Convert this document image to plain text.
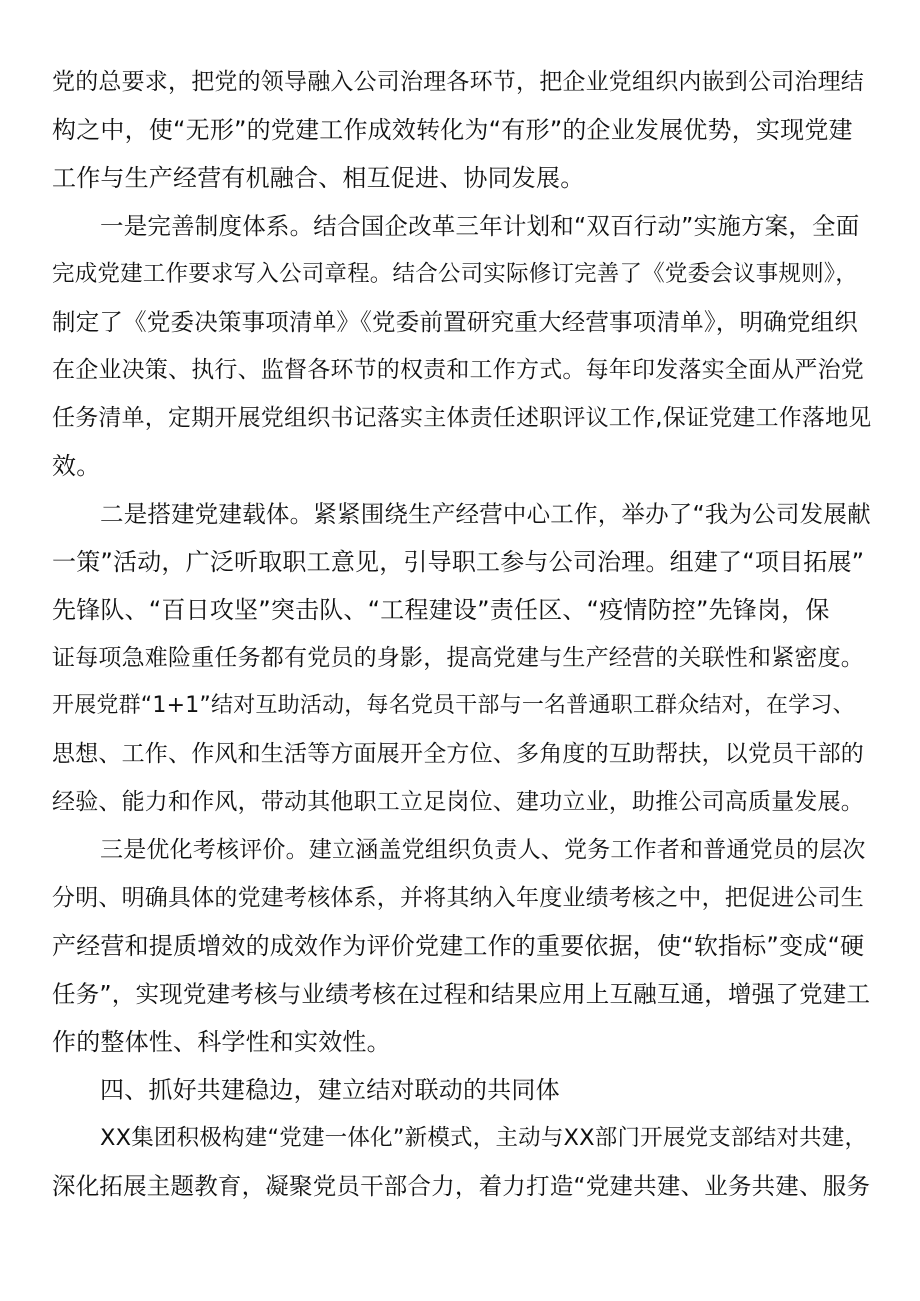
党的总要求，把党的领导融入公司治理各环节，把企业党组织内嵌到公司治理结
构之中，使“无形”的党建工作成效转化为“有形”的企业发展优势，实现党建
工作与生产经营有机融合、相互促进、协同发展。
一是完善制度体系。结合国企改革三年计划和“双百行动”实施方案，全面
完成党建工作要求写入公司章程。结合公司实际修订完善了《党委会议事规则》，
制定了《党委决策事项清单》《党委前置研究重大经营事项清单》，明确党组织
在企业决策、执行、监督各环节的权责和工作方式。每年印发落实全面从严治党
任务清单，定期开展党组织书记落实主体责任述职评议工作,保证党建工作落地见
效。
二是搭建党建载体。紧紧围绕生产经营中心工作，举办了“我为公司发展献
一策”活动，广泛听取职工意见，引导职工参与公司治理。组建了“项目拓展”
先锋队、“百日攻坚”突击队、“工程建设”责任区、“疫情防控”先锋岗，保
证每项急难险重任务都有党员的身影，提高党建与生产经营的关联性和紧密度。
开展党群“1+1”结对互助活动，每名党员干部与一名普通职工群众结对，在学习、
思想、工作、作风和生活等方面展开全方位、多角度的互助帮扶，以党员干部的
经验、能力和作风，带动其他职工立足岗位、建功立业，助推公司高质量发展。
三是优化考核评价。建立涵盖党组织负责人、党务工作者和普通党员的层次
分明、明确具体的党建考核体系，并将其纳入年度业绩考核之中，把促进公司生
产经营和提质增效的成效作为评价党建工作的重要依据，使“软指标”变成“硬
任务”，实现党建考核与业绩考核在过程和结果应用上互融互通，增强了党建工
作的整体性、科学性和实效性。
四、抓好共建稳边，建立结对联动的共同体
XX集团积极构建“党建一体化”新模式，主动与XX部门开展党支部结对共建，
深化拓展主题教育，凝聚党员干部合力，着力打造“党建共建、业务共建、服务
